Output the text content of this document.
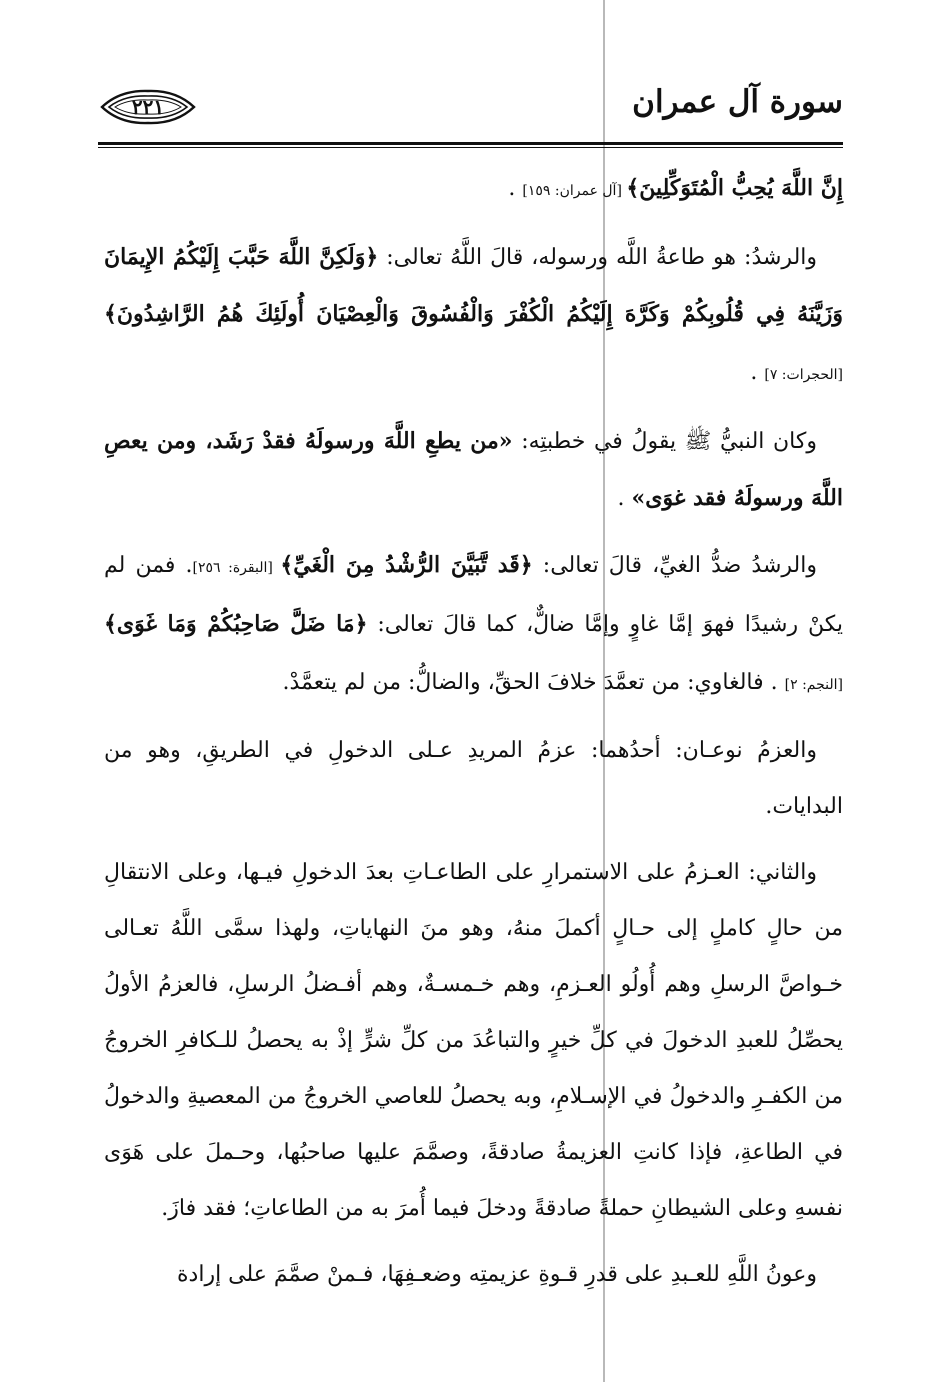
سورة آل عمران
٢٢١

إِنَّ اللَّهَ يُحِبُّ الْمُتَوَكِّلِينَ﴾ [آل عمران: ١٥٩] .

والرشدُ: هو طاعةُ اللَّه ورسوله، قالَ اللَّهُ تعالى: ﴿وَلَكِنَّ اللَّهَ حَبَّبَ إِلَيْكُمُ الإِيمَانَ وَزَيَّنَهُ فِي قُلُوبِكُمْ وَكَرَّهَ إِلَيْكُمُ الْكُفْرَ وَالْفُسُوقَ وَالْعِصْيَانَ أُولَئِكَ هُمُ الرَّاشِدُونَ﴾ [الحجرات: ٧] .

وكان النبيُّ ﷺ يقولُ في خطبتِه: «من يطعِ اللَّهَ ورسولَهُ فقدْ رَشَد، ومن يعصِ اللَّهَ ورسولَهُ فقد غوَى» .

والرشدُ ضدُّ الغيِّ، قالَ تعالى: ﴿قَد تَّبَيَّنَ الرُّشْدُ مِنَ الْغَيِّ﴾ [البقرة: ٢٥٦]. فمن لم يكنْ رشيدًا فهوَ إمَّا غاوٍ وإمَّا ضالٌّ، كما قالَ تعالى: ﴿مَا ضَلَّ صَاحِبُكُمْ وَمَا غَوَى﴾ [النجم: ٢] . فالغاوي: من تعمَّدَ خلافَ الحقِّ، والضالُّ: من لم يتعمَّدْ.

والعزمُ نوعـان: أحدُهما: عزمُ المريدِ عـلى الدخولِ في الطريقِ، وهو من البدايات.

والثاني: العـزمُ على الاستمرارِ على الطاعـاتِ بعدَ الدخولِ فيـها، وعلى الانتقالِ من حالٍ كاملٍ إلى حـالٍ أكملَ منهُ، وهو منَ النهاياتِ، ولهذا سمَّى اللَّهُ تعـالى خـواصَّ الرسلِ وهم أُولُو العـزمِ، وهم خـمسـةٌ، وهم أفـضلُ الرسلِ، فالعزمُ الأولُ يحصِّلُ للعبدِ الدخولَ في كلِّ خيرٍ والتباعُدَ من كلِّ شرٍّ إذْ به يحصلُ للـكافرِ الخروجُ من الكفـرِ والدخولُ في الإسـلامِ، وبه يحصلُ للعاصي الخروجُ من المعصيةِ والدخولُ في الطاعةِ، فإذا كانتِ العزيمةُ صادقةً، وصمَّمَ عليها صاحبُها، وحـملَ على هَوَى نفسهِ وعلى الشيطانِ حملةً صادقةً ودخلَ فيما أُمرَ به من الطاعاتِ؛ فقد فازَ.

وعونُ اللَّهِ للعـبدِ على قدرِ قـوةِ عزيمتِه وضعـفِهَا، فـمنْ صمَّمَ على إرادة
